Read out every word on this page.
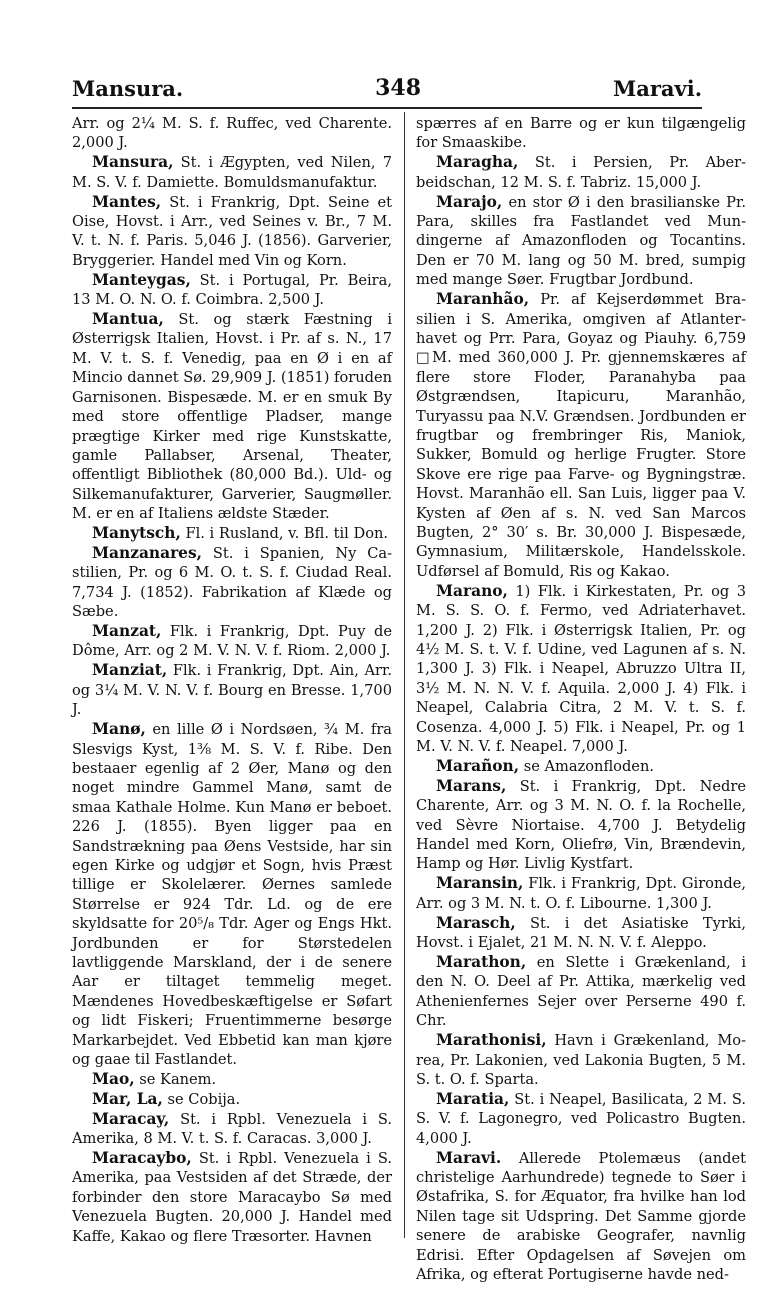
Mansura.	348	Maravi.

Arr. og 2¼ M. S. f. Ruffec, ved Charente. 2,000 J.

Mansura, St. i Ægypten, ved Nilen, 7 M. S. V. f. Damiette. Bomuldsmanufaktur.

Mantes, St. i Frankrig, Dpt. Seine et Oise, Hovst. i Arr., ved Seines v. Br., 7 M. V. t. N. f. Paris. 5,046 J. (1856). Garverier, Bryggerier. Handel med Vin og Korn.

Manteygas, St. i Portugal, Pr. Beira, 13 M. O. N. O. f. Coimbra. 2,500 J.

Mantua, St. og stærk Fæstning i Østerrigsk Italien, Hovst. i Pr. af s. N., 17 M. V. t. S. f. Venedig, paa en Ø i en af Mincio dannet Sø. 29,909 J. (1851) foruden Garnisonen. Bispesæde. M. er en smuk By med store offentlige Pladser, mange prægtige Kirker med rige Kunstskatte, gamle Pallabser, Arsenal, Theater, offentligt Bibliothek (80,000 Bd.). Uld- og Silkemanufakturer, Garverier, Saugmøller. M. er en af Italiens ældste Stæder.

Manytsch, Fl. i Rusland, v. Bfl. til Don.

Manzanares, St. i Spanien, Ny Castilien, Pr. og 6 M. O. t. S. f. Ciudad Real. 7,734 J. (1852). Fabrikation af Klæde og Sæbe.

Manzat, Flk. i Frankrig, Dpt. Puy de Dôme, Arr. og 2 M. V. N. V. f. Riom. 2,000 J.

Manziat, Flk. i Frankrig, Dpt. Ain, Arr. og 3¼ M. V. N. V. f. Bourg en Bresse. 1,700 J.

Manø, en lille Ø i Nordsøen, ¾ M. fra Slesvigs Kyst, 1⅜ M. S. V. f. Ribe. Den bestaaer egenlig af 2 Øer, Manø og den noget mindre Gammel Manø, samt de smaa Kathale Holme. Kun Manø er beboet. 226 J. (1855). Byen ligger paa en Sandstrækning paa Øens Vestside, har sin egen Kirke og udgjør et Sogn, hvis Præst tillige er Skolelærer. Øernes samlede Størrelse er 924 Tdr. Ld. og de ere skyldsatte for 20⁵/₈ Tdr. Ager og Engs Hkt. Jordbunden er for Størstedelen lavtliggende Marskland, der i de senere Aar er tiltaget temmelig meget. Mændenes Hovedbeskæftigelse er Søfart og lidt Fiskeri; Fruentimmerne besørge Markarbejdet. Ved Ebbetid kan man kjøre og gaae til Fastlandet.

Mao, se Kanem.

Mar, La, se Cobija.

Maracay, St. i Rpbl. Venezuela i S. Amerika, 8 M. V. t. S. f. Caracas. 3,000 J.

Maracaybo, St. i Rpbl. Venezuela i S. Amerika, paa Vestsiden af det Stræde, der forbinder den store Maracaybo Sø med Venezuela Bugten. 20,000 J. Handel med Kaffe, Kakao og flere Træsorter. Havnen

spærres af en Barre og er kun tilgængelig for Smaaskibe.

Maragha, St. i Persien, Pr. Aberbeidschan, 12 M. S. f. Tabriz. 15,000 J.

Marajo, en stor Ø i den brasilianske Pr. Para, skilles fra Fastlandet ved Mundingerne af Amazonfloden og Tocantins. Den er 70 M. lang og 50 M. bred, sumpig med mange Søer. Frugtbar Jordbund.

Maranhão, Pr. af Kejserdømmet Brasilien i S. Amerika, omgiven af Atlanterhavet og Prr. Para, Goyaz og Piauhy. 6,759 □M. med 360,000 J. Pr. gjennemskæres af flere store Floder, Paranahyba paa Østgrændsen, Itapicuru, Maranhão, Turyassu paa N.V. Grændsen. Jordbunden er frugtbar og frembringer Ris, Maniok, Sukker, Bomuld og herlige Frugter. Store Skove ere rige paa Farve- og Bygningstræ. Hovst. Maranhão ell. San Luis, ligger paa V. Kysten af Øen af s. N. ved San Marcos Bugten, 2° 30′ s. Br. 30,000 J. Bispesæde, Gymnasium, Militærskole, Handelsskole. Udførsel af Bomuld, Ris og Kakao.

Marano, 1) Flk. i Kirkestaten, Pr. og 3 M. S. S. O. f. Fermo, ved Adriaterhavet. 1,200 J. 2) Flk. i Østerrigsk Italien, Pr. og 4½ M. S. t. V. f. Udine, ved Lagunen af s. N. 1,300 J. 3) Flk. i Neapel, Abruzzo Ultra II, 3½ M. N. N. V. f. Aquila. 2,000 J. 4) Flk. i Neapel, Calabria Citra, 2 M. V. t. S. f. Cosenza. 4,000 J. 5) Flk. i Neapel, Pr. og 1 M. V. N. V. f. Neapel. 7,000 J.

Marañon, se Amazonfloden.

Marans, St. i Frankrig, Dpt. Nedre Charente, Arr. og 3 M. N. O. f. la Rochelle, ved Sèvre Niortaise. 4,700 J. Betydelig Handel med Korn, Oliefrø, Vin, Brændevin, Hamp og Hør. Livlig Kystfart.

Maransin, Flk. i Frankrig, Dpt. Gironde, Arr. og 3 M. N. t. O. f. Libourne. 1,300 J.

Marasch, St. i det Asiatiske Tyrki, Hovst. i Ejalet, 21 M. N. N. V. f. Aleppo.

Marathon, en Slette i Grækenland, i den N. O. Deel af Pr. Attika, mærkelig ved Athenienfernes Sejer over Perserne 490 f. Chr.

Marathonisi, Havn i Grækenland, Morea, Pr. Lakonien, ved Lakonia Bugten, 5 M. S. t. O. f. Sparta.

Maratia, St. i Neapel, Basilicata, 2 M. S. S. V. f. Lagonegro, ved Policastro Bugten. 4,000 J.

Maravi. Allerede Ptolemæus (andet christelige Aarhundrede) tegnede to Søer i Østafrika, S. for Æquator, fra hvilke han lod Nilen tage sit Udspring. Det Samme gjorde senere de arabiske Geografer, navnlig Edrisi. Efter Opdagelsen af Søvejen om Afrika, og efterat Portugiserne havde ned-
